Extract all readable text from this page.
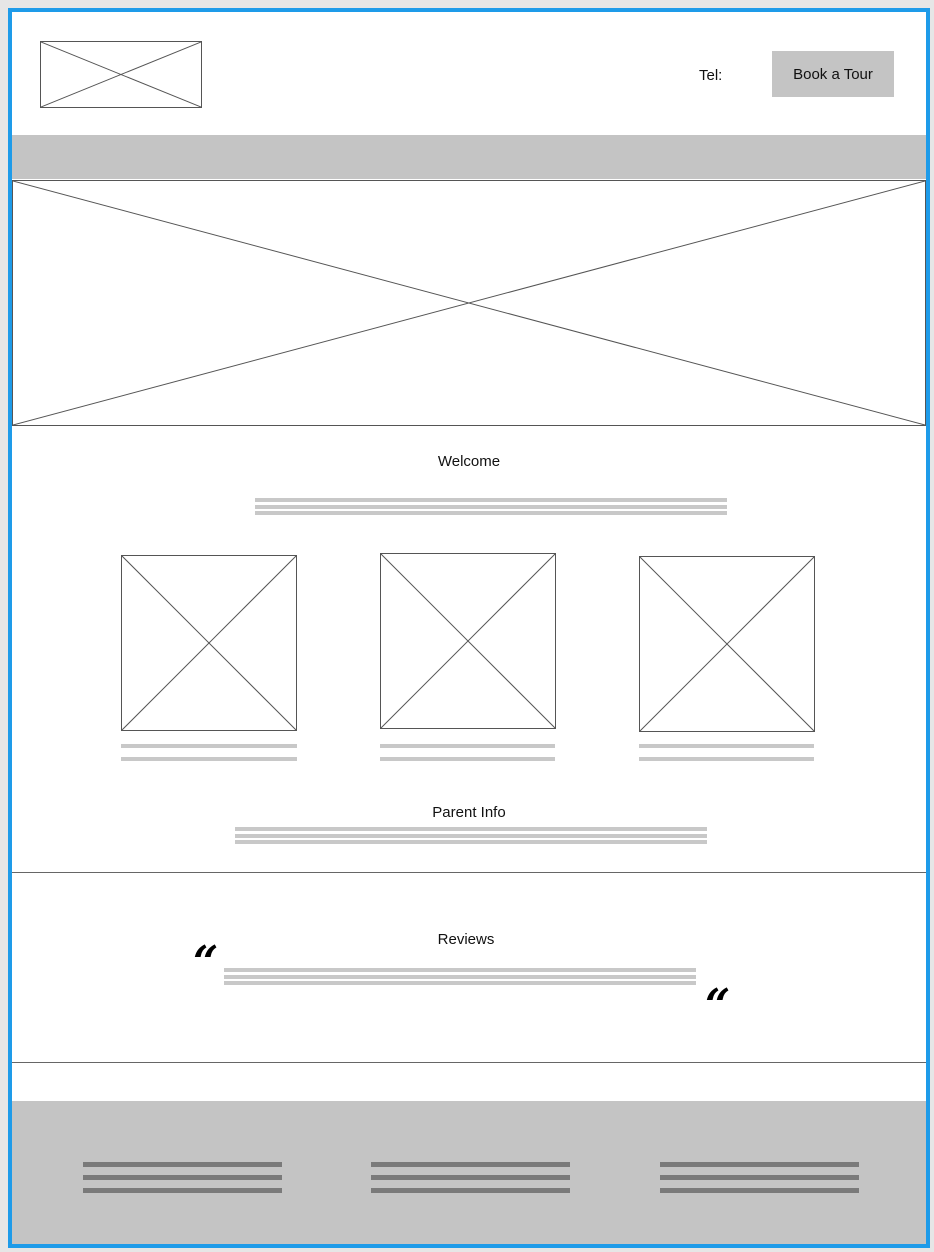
Tel:	Book a Tour
Welcome
Parent Info
Reviews
“
“
